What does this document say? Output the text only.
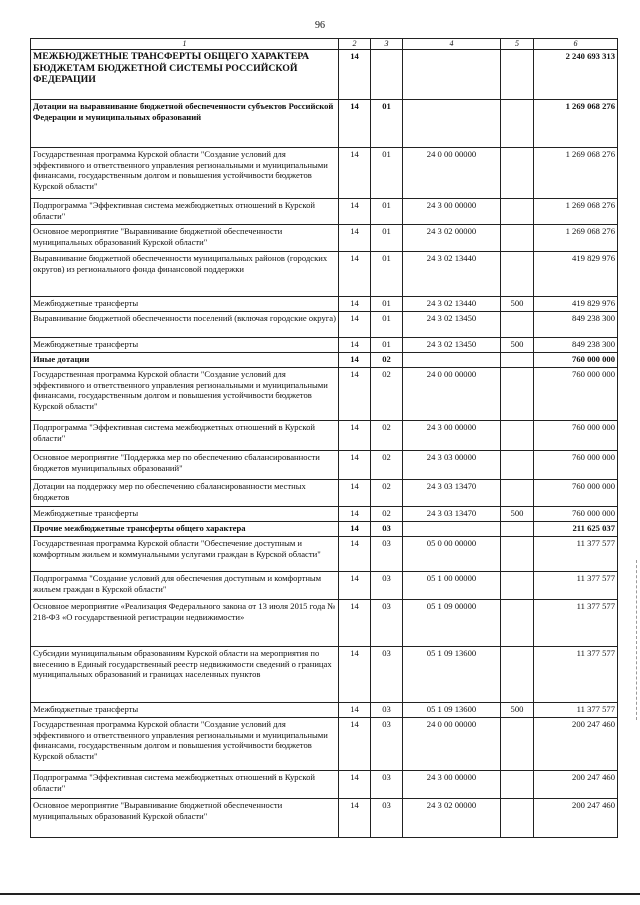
96
1	2	3	4	5	6
МЕЖБЮДЖЕТНЫЕ ТРАНСФЕРТЫ ОБЩЕГО ХАРАКТЕРА БЮДЖЕТАМ БЮДЖЕТНОЙ СИСТЕМЫ РОССИЙСКОЙ ФЕДЕРАЦИИ	14				2 240 693 313
Дотации на выравнивание бюджетной обеспеченности субъектов Российской Федерации и муниципальных образований	14	01			1 269 068 276
Государственная программа Курской области "Создание условий для эффективного и ответственного управления региональными и муниципальными финансами, государственным долгом и повышения устойчивости бюджетов Курской области"	14	01	24 0 00 00000		1 269 068 276
Подпрограмма "Эффективная система межбюджетных отношений в Курской области"	14	01	24 3 00 00000		1 269 068 276
Основное мероприятие "Выравнивание бюджетной обеспеченности муниципальных образований Курской области"	14	01	24 3 02 00000		1 269 068 276
Выравнивание бюджетной обеспеченности муниципальных районов (городских округов) из регионального фонда финансовой поддержки	14	01	24 3 02 13440		419 829 976
Межбюджетные трансферты	14	01	24 3 02 13440	500	419 829 976
Выравнивание бюджетной обеспеченности поселений (включая городские округа)	14	01	24 3 02 13450		849 238 300
Межбюджетные трансферты	14	01	24 3 02 13450	500	849 238 300
Иные дотации	14	02			760 000 000
Государственная программа Курской области "Создание условий для эффективного и ответственного управления региональными и муниципальными финансами, государственным долгом и повышения устойчивости бюджетов Курской области"	14	02	24 0 00 00000		760 000 000
Подпрограмма "Эффективная система межбюджетных отношений в Курской области"	14	02	24 3 00 00000		760 000 000
Основное мероприятие "Поддержка мер по обеспечению сбалансированности бюджетов муниципальных образований"	14	02	24 3 03 00000		760 000 000
Дотации на поддержку мер по обеспечению сбалансированности местных бюджетов	14	02	24 3 03 13470		760 000 000
Межбюджетные трансферты	14	02	24 3 03 13470	500	760 000 000
Прочие межбюджетные трансферты общего характера	14	03			211 625 037
Государственная программа Курской области "Обеспечение доступным и комфортным жильем и коммунальными услугами граждан в Курской области"	14	03	05 0 00 00000		11 377 577
Подпрограмма "Создание условий для обеспечения доступным и комфортным жильем граждан в Курской области"	14	03	05 1 00 00000		11 377 577
Основное мероприятие «Реализация Федерального закона от 13 июля 2015 года № 218-ФЗ «О государственной регистрации недвижимости»	14	03	05 1 09 00000		11 377 577
Субсидии муниципальным образованиям Курской области на мероприятия по внесению в Единый государственный реестр недвижимости сведений о границах муниципальных образований и границах населенных пунктов	14	03	05 1 09 13600		11 377 577
Межбюджетные трансферты	14	03	05 1 09 13600	500	11 377 577
Государственная программа Курской области "Создание условий для эффективного и ответственного управления региональными и муниципальными финансами, государственным долгом и повышения устойчивости бюджетов Курской области"	14	03	24 0 00 00000		200 247 460
Подпрограмма "Эффективная система межбюджетных отношений в Курской области"	14	03	24 3 00 00000		200 247 460
Основное мероприятие "Выравнивание бюджетной обеспеченности муниципальных образований Курской области"	14	03	24 3 02 00000		200 247 460
